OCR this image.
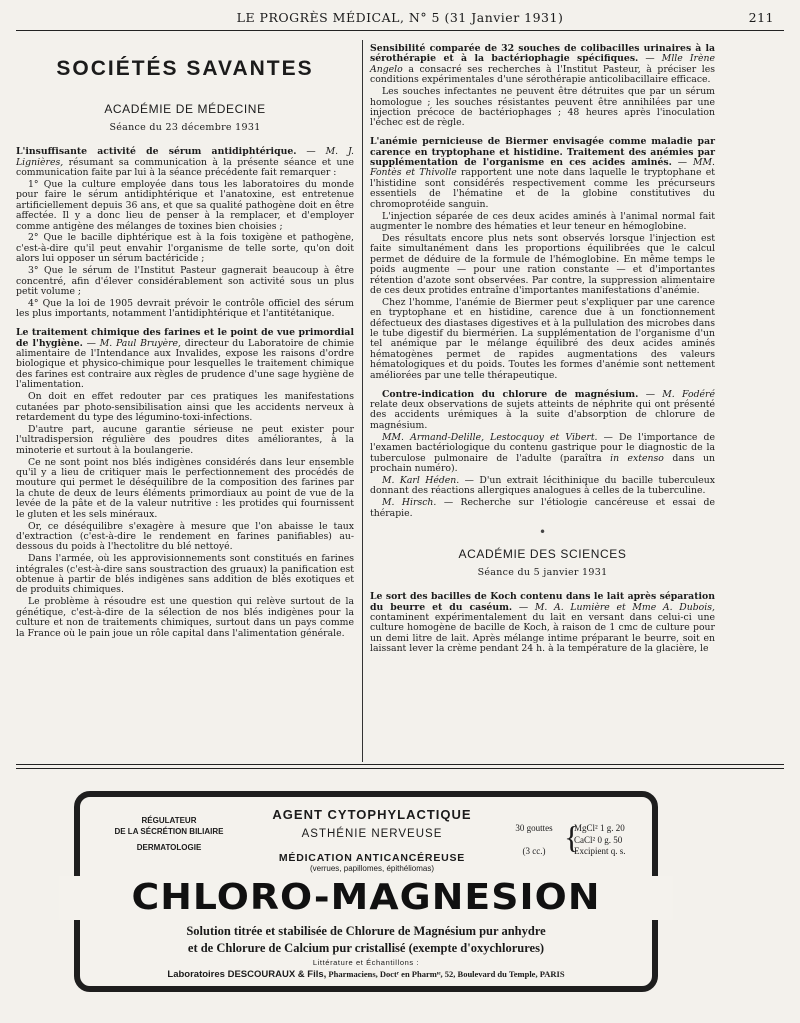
LE PROGRÈS MÉDICAL, N° 5 (31 Janvier 1931)	211
SOCIÉTÉS SAVANTES
ACADÉMIE DE MÉDECINE
Séance du 23 décembre 1931

L'insuffisante activité de sérum antidiphtérique. — M. J. Lignières, résumant sa communication à la présente séance et une communication faite par lui à la séance précédente fait remarquer :

1° Que la culture employée dans tous les laboratoires du monde pour faire le sérum antidiphtérique et l'anatoxine, est entretenue artificiellement depuis 36 ans, et que sa qualité pathogène doit en être affectée. Il y a donc lieu de penser à la remplacer, et d'employer comme antigène des mélanges de toxines bien choisies ;

2° Que le bacille diphtérique est à la fois toxigène et pathogène, c'est-à-dire qu'il peut envahir l'organisme de telle sorte, qu'on doit alors lui opposer un sérum bactéricide ;

3° Que le sérum de l'Institut Pasteur gagnerait beaucoup à être concentré, afin d'élever considérablement son activité sous un plus petit volume ;

4° Que la loi de 1905 devrait prévoir le contrôle officiel des sérum les plus importants, notamment l'antidiphtérique et l'antitétanique.

Le traitement chimique des farines et le point de vue primordial de l'hygiène. — M. Paul Bruyère, directeur du Laboratoire de chimie alimentaire de l'Intendance aux Invalides, expose les raisons d'ordre biologique et physico-chimique pour lesquelles le traitement chimique des farines est contraire aux règles de prudence d'une sage hygiène de l'alimentation.

On doit en effet redouter par ces pratiques les manifestations cutanées par photo-sensibilisation ainsi que les accidents nerveux à retardement du type des légumino-toxi-infections.

D'autre part, aucune garantie sérieuse ne peut exister pour l'ultradispersion régulière des poudres dites améliorantes, à la minoterie et surtout à la boulangerie.

Ce ne sont point nos blés indigènes considérés dans leur ensemble qu'il y a lieu de critiquer mais le perfectionnement des procédés de mouture qui permet le déséquilibre de la composition des farines par la chute de deux de leurs éléments primordiaux au point de vue de la levée de la pâte et de la valeur nutritive : les protides qui fournissent le gluten et les sels minéraux.

Or, ce déséquilibre s'exagère à mesure que l'on abaisse le taux d'extraction (c'est-à-dire le rendement en farines panifiables) au-dessous du poids à l'hectolitre du blé nettoyé.

Dans l'armée, où les approvisionnements sont constitués en farines intégrales (c'est-à-dire sans soustraction des gruaux) la panification est obtenue à partir de blés indigènes sans addition de blés exotiques et de produits chimiques.

Le problème à résoudre est une question qui relève surtout de la génétique, c'est-à-dire de la sélection de nos blés indigènes pour la culture et non de traitements chimiques, surtout dans un pays comme la France où le pain joue un rôle capital dans l'alimentation générale.

Sensibilité comparée de 32 souches de colibacilles urinaires à la sérothérapie et à la bactériophagie spécifiques. — Mlle Irène Angelo a consacré ses recherches à l'Institut Pasteur, à préciser les conditions expérimentales d'une sérothérapie anticolibacillaire efficace.

Les souches infectantes ne peuvent être détruites que par un sérum homologue ; les souches résistantes peuvent être annihilées par une injection précoce de bactériophages ; 48 heures après l'inoculation l'échec est de règle.

L'anémie pernicieuse de Biermer envisagée comme maladie par carence en tryptophane et histidine. Traitement des anémies par supplémentation de l'organisme en ces acides aminés. — MM. Fontès et Thivolle rapportent une note dans laquelle le tryptophane et l'histidine sont considérés respectivement comme les précurseurs essentiels de l'hématine et de la globine constitutives du chromoprotéide sanguin.

L'injection séparée de ces deux acides aminés à l'animal normal fait augmenter le nombre des hématies et leur teneur en hémoglobine.

Des résultats encore plus nets sont observés lorsque l'injection est faite simultanément dans les proportions équilibrées que le calcul permet de déduire de la formule de l'hémoglobine. En même temps le poids augmente — pour une ration constante — et d'importantes rétention d'azote sont observées. Par contre, la suppression alimentaire de ces deux protides entraîne d'importantes manifestations d'anémie.

Chez l'homme, l'anémie de Biermer peut s'expliquer par une carence en tryptophane et en histidine, carence due à un fonctionnement défectueux des diastases digestives et à la pullulation des microbes dans le tube digestif du biermérien. La supplémentation de l'organisme d'un tel anémique par le mélange équilibré des deux acides aminés hématogènes permet de rapides augmentations des valeurs hématologiques et du poids. Toutes les formes d'anémie sont nettement améliorées par une telle thérapeutique.

Contre-indication du chlorure de magnésium. — M. Fodéré relate deux observations de sujets atteints de néphrite qui ont présenté des accidents urémiques à la suite d'absorption de chlorure de magnésium.

MM. Armand-Delille, Lestocquoy et Vibert. — De l'importance de l'examen bactériologique du contenu gastrique pour le diagnostic de la tuberculose pulmonaire de l'adulte (paraîtra in extenso dans un prochain numéro).

M. Karl Héden. — D'un extrait lécithinique du bacille tuberculeux donnant des réactions allergiques analogues à celles de la tuberculine.

M. Hirsch. — Recherche sur l'étiologie cancéreuse et essai de thérapie.

•
ACADÉMIE DES SCIENCES
Séance du 5 janvier 1931

Le sort des bacilles de Koch contenu dans le lait après séparation du beurre et du caséum. — M. A. Lumière et Mme A. Dubois, contaminent expérimentalement du lait en versant dans celui-ci une culture homogène de bacille de Koch, à raison de 1 cmc de culture pour un demi litre de lait. Après mélange intime préparant le beurre, soit en laissant lever la crème pendant 24 h. à la température de la glacière, le

RÉGULATEUR
DE LA SÉCRÉTION BILIAIRE
DERMATOLOGIE
AGENT CYTOPHYLACTIQUE
ASTHÉNIE NERVEUSE
MÉDICATION ANTICANCÉREUSE
(verrues, papillomes, épithéliomas)
30 gouttes
(3 cc.) {
MgCl² 1 g. 20
CaCl² 0 g. 50
Excipient q. s.
CHLORO-MAGNESION
Solution titrée et stabilisée de Chlorure de Magnésium pur anhydre
et de Chlorure de Calcium pur cristallisé (exempte d'oxychlorures)
Littérature et Échantillons :
Laboratoires DESCOURAUX & Fils, Pharmaciens, Doctʳ en Pharmᶦᵉ, 52, Boulevard du Temple, PARIS
